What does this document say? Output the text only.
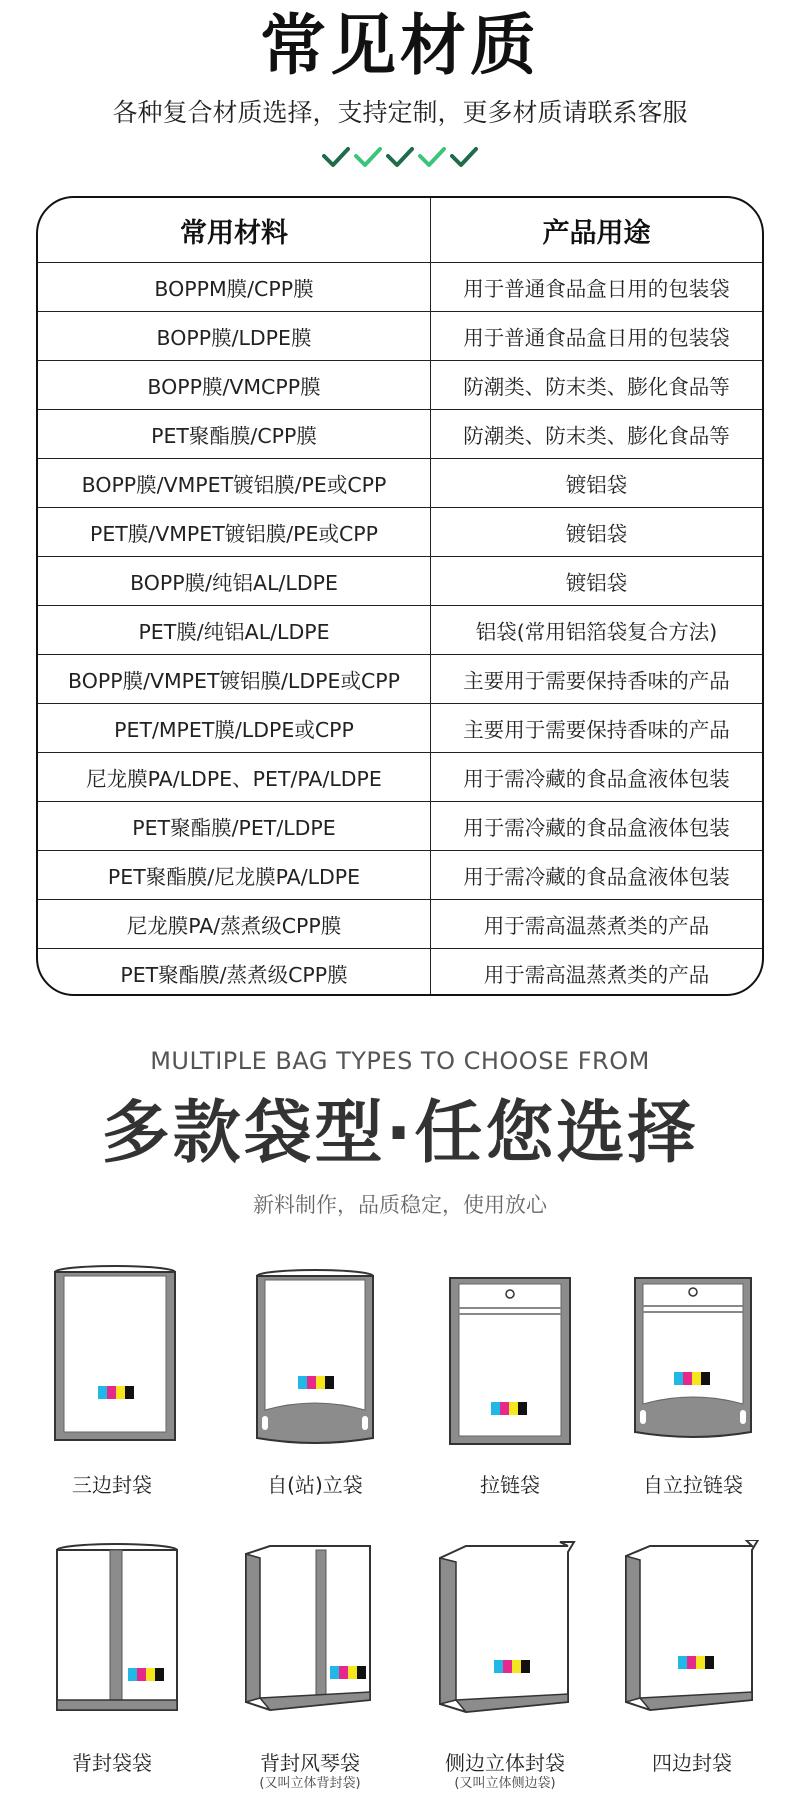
常见材质
各种复合材质选择，支持定制，更多材质请联系客服
常用材料	产品用途
BOPPM膜/CPP膜	用于普通食品盒日用的包装袋
BOPP膜/LDPE膜	用于普通食品盒日用的包装袋
BOPP膜/VMCPP膜	防潮类、防末类、膨化食品等
PET聚酯膜/CPP膜	防潮类、防末类、膨化食品等
BOPP膜/VMPET镀铝膜/PE或CPP	镀铝袋
PET膜/VMPET镀铝膜/PE或CPP	镀铝袋
BOPP膜/纯铝AL/LDPE	镀铝袋
PET膜/纯铝AL/LDPE	铝袋(常用铝箔袋复合方法)
BOPP膜/VMPET镀铝膜/LDPE或CPP	主要用于需要保持香味的产品
PET/MPET膜/LDPE或CPP	主要用于需要保持香味的产品
尼龙膜PA/LDPE、PET/PA/LDPE	用于需冷藏的食品盒液体包装
PET聚酯膜/PET/LDPE	用于需冷藏的食品盒液体包装
PET聚酯膜/尼龙膜PA/LDPE	用于需冷藏的食品盒液体包装
尼龙膜PA/蒸煮级CPP膜	用于需高温蒸煮类的产品
PET聚酯膜/蒸煮级CPP膜	用于需高温蒸煮类的产品
MULTIPLE BAG TYPES TO CHOOSE FROM
多款袋型·任您选择
新料制作，品质稳定，使用放心
三边封袋	自(站)立袋	拉链袋	自立拉链袋
背封袋袋	背封风琴袋
(又叫立体背封袋)
侧边立体封袋
(又叫立体侧边袋)
四边封袋
